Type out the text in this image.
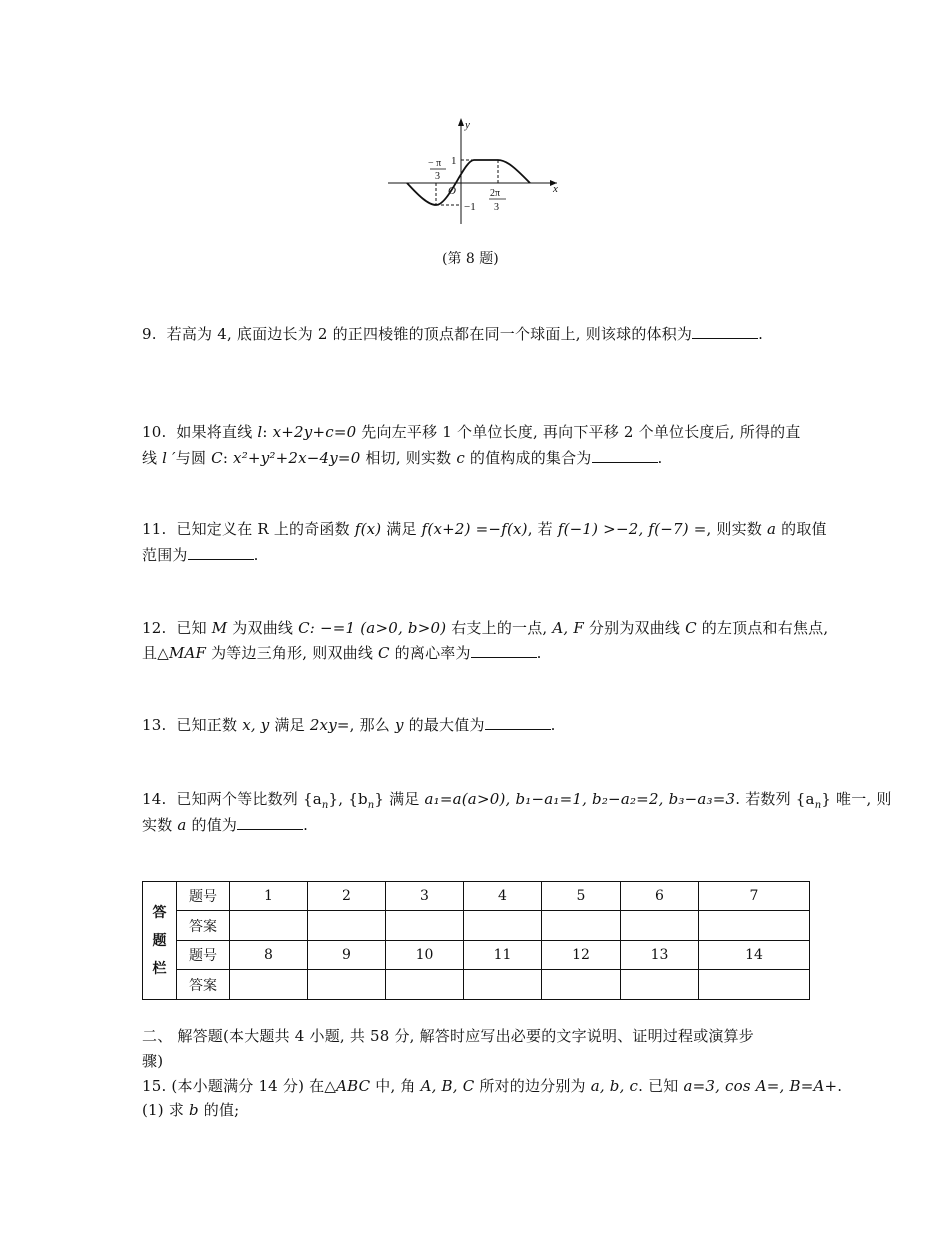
y
x
O
1
−1
− π
3
2π
3
(第 8 题)
9. 若高为 4, 底面边长为 2 的正四棱锥的顶点都在同一个球面上, 则该球的体积为	.
10. 如果将直线 l: x+2y+c=0 先向左平移 1 个单位长度, 再向下平移 2 个单位长度后, 所得的直
线 l ′与圆 C: x²+y²+2x−4y=0 相切, 则实数 c 的值构成的集合为	.
11. 已知定义在 R 上的奇函数 f(x) 满足 f(x+2) =−f(x), 若 f(−1) >−2, f(−7) =, 则实数 a 的取值
范围为	.
12. 已知 M 为双曲线 C: −=1 (a>0, b>0) 右支上的一点, A, F 分别为双曲线 C 的左顶点和右焦点,
且△MAF 为等边三角形, 则双曲线 C 的离心率为	.
13. 已知正数 x, y 满足 2xy=, 那么 y 的最大值为	.
14. 已知两个等比数列 $\{a_n\}$, $\{b_n\}$ 满足 a₁=a(a>0), b₁−a₁=1, b₂−a₂=2, b₃−a₃=3. 若数列 $\{a_n\}$ 唯一, 则
实数 a 的值为	.
答
题
栏	题号	1	2	3	4	5	6	7
	答案							
	题号	8	9	10	11	12	13	14
	答案							
二、 解答题(本大题共 4 小题, 共 58 分, 解答时应写出必要的文字说明、证明过程或演算步
骤)
15. (本小题满分 14 分) 在△ABC 中, 角 A, B, C 所对的边分别为 a, b, c. 已知 a=3, cos A=, B=A+.
(1) 求 b 的值;
